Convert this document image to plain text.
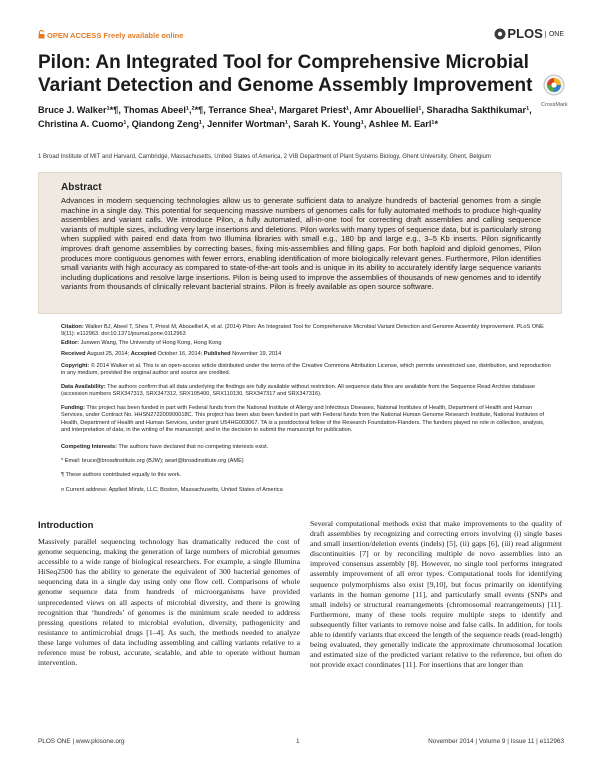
OPEN ACCESS Freely available online	PLOS ONE
Pilon: An Integrated Tool for Comprehensive Microbial Variant Detection and Genome Assembly Improvement
CrossMark
Bruce J. Walker¹*¶, Thomas Abeel¹,²*¶, Terrance Shea¹, Margaret Priest¹, Amr Abouelliel¹, Sharadha Sakthikumar¹, Christina A. Cuomo¹, Qiandong Zeng¹, Jennifer Wortman¹, Sarah K. Young¹, Ashlee M. Earl¹*
1 Broad Institute of MIT and Harvard, Cambridge, Massachusetts, United States of America, 2 VIB Department of Plant Systems Biology, Ghent University, Ghent, Belgium
Abstract

Advances in modern sequencing technologies allow us to generate sufficient data to analyze hundreds of bacterial genomes from a single machine in a single day. This potential for sequencing massive numbers of genomes calls for fully automated methods to produce high-quality assemblies and variant calls. We introduce Pilon, a fully automated, all-in-one tool for correcting draft assemblies and calling sequence variants of multiple sizes, including very large insertions and deletions. Pilon works with many types of sequence data, but is particularly strong when supplied with paired end data from two Illumina libraries with small e.g., 180 bp and large e.g., 3–5 Kb inserts. Pilon significantly improves draft genome assemblies by correcting bases, fixing mis-assemblies and filling gaps. For both haploid and diploid genomes, Pilon produces more contiguous genomes with fewer errors, enabling identification of more biologically relevant genes. Furthermore, Pilon identifies small variants with high accuracy as compared to state-of-the-art tools and is unique in its ability to accurately identify large sequence variants including duplications and resolve large insertions. Pilon is being used to improve the assemblies of thousands of new genomes and to identify variants from thousands of clinically relevant bacterial strains. Pilon is freely available as open source software.

Citation: Walker BJ, Abeel T, Shea T, Priest M, Abouelliel A, et al. (2014) Pilon: An Integrated Tool for Comprehensive Microbial Variant Detection and Genome Assembly Improvement. PLoS ONE 9(11): e112963. doi:10.1371/journal.pone.0112963

Editor: Junwen Wang, The University of Hong Kong, Hong Kong

Received August 25, 2014; Accepted October 16, 2014; Published November 19, 2014

Copyright: © 2014 Walker et al. This is an open-access article distributed under the terms of the Creative Commons Attribution License, which permits unrestricted use, distribution, and reproduction in any medium, provided the original author and source are credited.

Data Availability: The authors confirm that all data underlying the findings are fully available without restriction. All sequence data files are available from the Sequence Read Archive database (accession numbers SRX347313, SRX347312, SRX105400, SRX110130, SRX347317 and SRX347316).

Funding: This project has been funded in part with Federal funds from the National Institute of Allergy and Infectious Diseases, National Institutes of Health, Department of Health and Human Services, under Contract No. HHSN272200900018C. This project has been also been funded in part with Federal funds from the National Human Genome Research Institute, National Institutes of Health, Department of Health and Human Services, under grant U54HG003067. TA is a postdoctoral fellow of the Research Foundation-Flanders. The funders played no role in collection, analysis, and interpretation of data; in the writing of the manuscript; and in the decision to submit the manuscript for publication.

Competing Interests: The authors have declared that no competing interests exist.

* Email: bruce@broadinstitute.org (BJW); aearl@broadinstitute.org (AME)

¶ These authors contributed equally to this work.

¤ Current address: Applied Minds, LLC, Boston, Massachusetts, United States of America

Introduction

Massively parallel sequencing technology has dramatically reduced the cost of genome sequencing, making the generation of large numbers of microbial genomes accessible to a wide range of biological researchers. For example, a single Illumina HiSeq2500 has the ability to generate the equivalent of 300 bacterial genomes of sequencing data in a single day using only one flow cell. Comparisons of whole genome sequence data from hundreds of microorganisms have provided unprecedented views on all aspects of microbial diversity, and there is growing recognition that ‘hundreds’ of genomes is the minimum scale needed to address pressing questions related to microbial evolution, diversity, pathogenicity and resistance to antimicrobial drugs [1–4]. As such, the methods needed to analyze these large volumes of data including assembling and calling variants relative to a reference must be robust, accurate, scalable, and able to operate without human intervention.

Several computational methods exist that make improvements to the quality of draft assemblies by recognizing and correcting errors involving (i) single bases and small insertion/deletion events (indels) [5], (ii) gaps [6], (iii) read alignment discontinuities [7] or by reconciling multiple de novo assemblies into an improved consensus assembly [8]. However, no single tool performs integrated assembly improvement of all error types. Computational tools for identifying sequence polymorphisms also exist [9,10], but focus primarily on identifying variants in the human genome [11], and particularly small events (SNPs and small indels) or structural rearrangements (chromosomal rearrangements) [11]. Furthermore, many of these tools require multiple steps to identify and subsequently filter variants to remove noise and false calls. In addition, for tools able to identify variants that exceed the length of the sequence reads (read-length) being evaluated, they generally indicate the approximate chromosomal location and estimated size of the predicted variant relative to the reference, but often do not provide exact coordinates [11]. For insertions that are longer than

PLOS ONE | www.plosone.org	1	November 2014 | Volume 9 | Issue 11 | e112963
